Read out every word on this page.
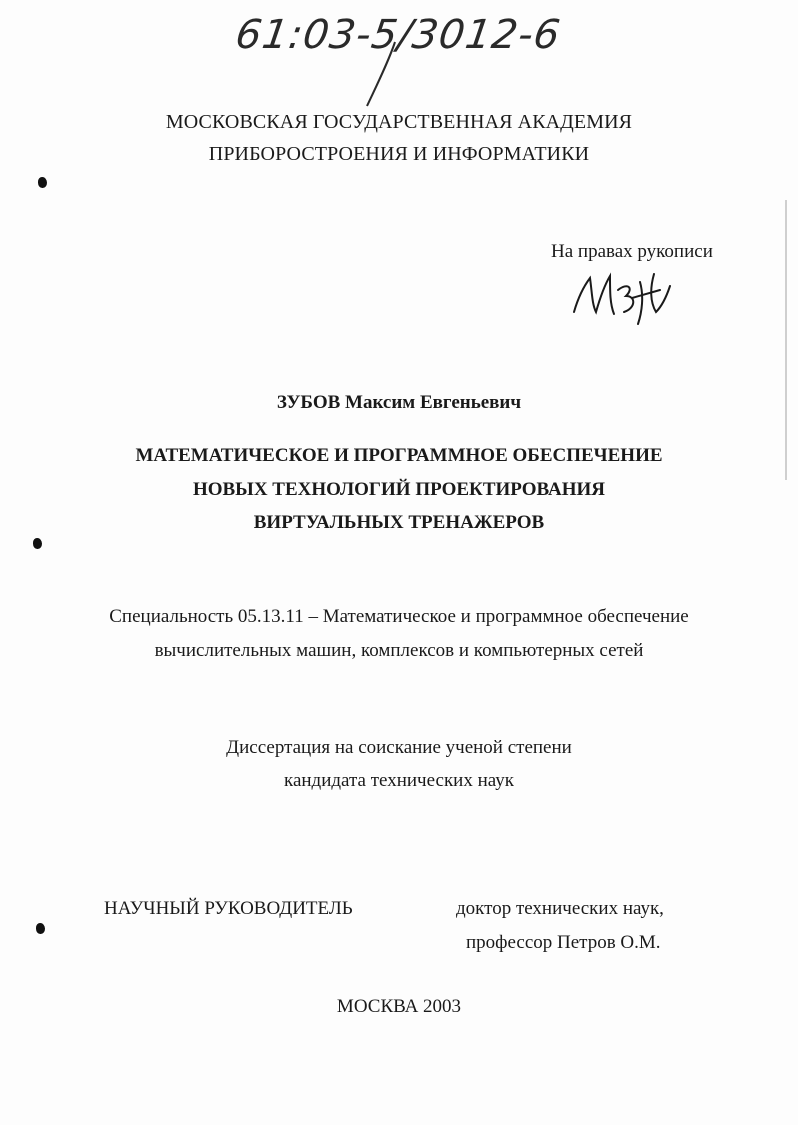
61:03-5/3012-6
МОСКОВСКАЯ ГОСУДАРСТВЕННАЯ АКАДЕМИЯ
ПРИБОРОСТРОЕНИЯ И ИНФОРМАТИКИ
На правах рукописи
ЗУБОВ Максим Евгеньевич
МАТЕМАТИЧЕСКОЕ И ПРОГРАММНОЕ ОБЕСПЕЧЕНИЕ
НОВЫХ ТЕХНОЛОГИЙ ПРОЕКТИРОВАНИЯ
ВИРТУАЛЬНЫХ ТРЕНАЖЕРОВ
Специальность 05.13.11 – Математическое и программное обеспечение
вычислительных машин, комплексов и компьютерных сетей
Диссертация на соискание ученой степени
кандидата технических наук
НАУЧНЫЙ РУКОВОДИТЕЛЬ	доктор технических наук,
профессор Петров О.М.
МОСКВА 2003
